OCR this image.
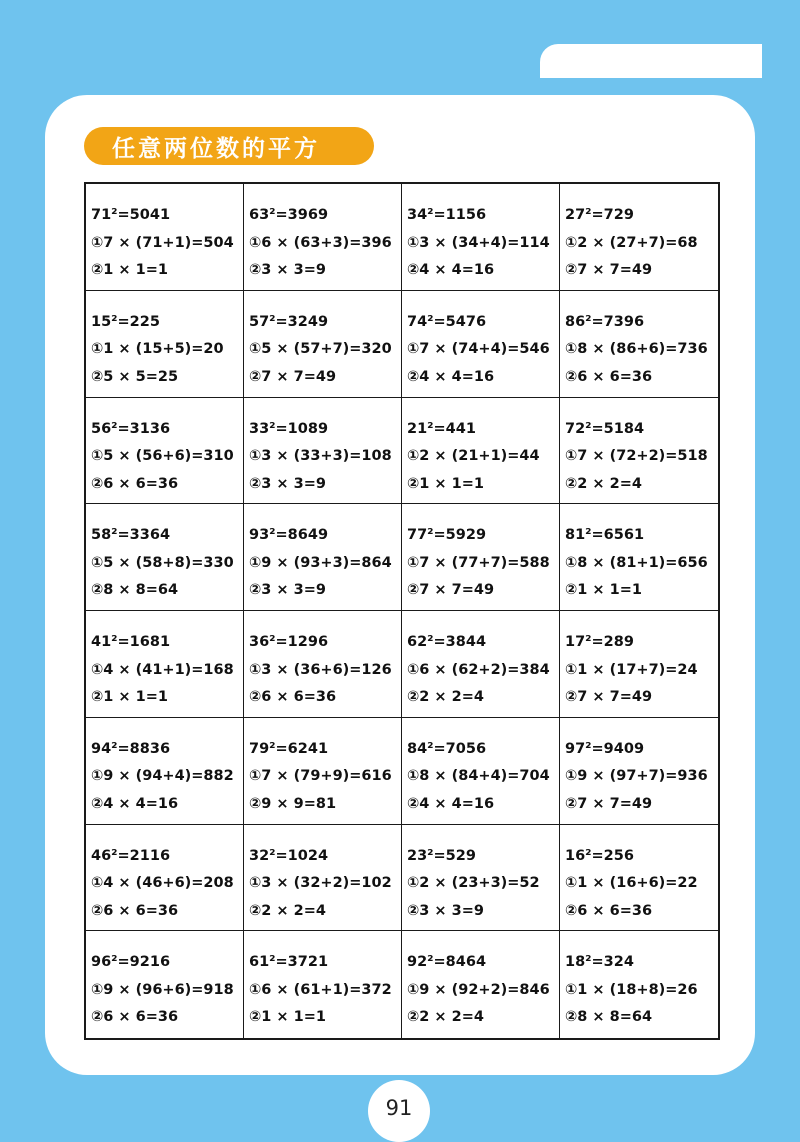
任意两位数的平方
71²=5041
①7 × (71+1)=504
②1 × 1=1
63²=3969
①6 × (63+3)=396
②3 × 3=9
34²=1156
①3 × (34+4)=114
②4 × 4=16
27²=729
①2 × (27+7)=68
②7 × 7=49
15²=225
①1 × (15+5)=20
②5 × 5=25
57²=3249
①5 × (57+7)=320
②7 × 7=49
74²=5476
①7 × (74+4)=546
②4 × 4=16
86²=7396
①8 × (86+6)=736
②6 × 6=36
56²=3136
①5 × (56+6)=310
②6 × 6=36
33²=1089
①3 × (33+3)=108
②3 × 3=9
21²=441
①2 × (21+1)=44
②1 × 1=1
72²=5184
①7 × (72+2)=518
②2 × 2=4
58²=3364
①5 × (58+8)=330
②8 × 8=64
93²=8649
①9 × (93+3)=864
②3 × 3=9
77²=5929
①7 × (77+7)=588
②7 × 7=49
81²=6561
①8 × (81+1)=656
②1 × 1=1
41²=1681
①4 × (41+1)=168
②1 × 1=1
36²=1296
①3 × (36+6)=126
②6 × 6=36
62²=3844
①6 × (62+2)=384
②2 × 2=4
17²=289
①1 × (17+7)=24
②7 × 7=49
94²=8836
①9 × (94+4)=882
②4 × 4=16
79²=6241
①7 × (79+9)=616
②9 × 9=81
84²=7056
①8 × (84+4)=704
②4 × 4=16
97²=9409
①9 × (97+7)=936
②7 × 7=49
46²=2116
①4 × (46+6)=208
②6 × 6=36
32²=1024
①3 × (32+2)=102
②2 × 2=4
23²=529
①2 × (23+3)=52
②3 × 3=9
16²=256
①1 × (16+6)=22
②6 × 6=36
96²=9216
①9 × (96+6)=918
②6 × 6=36
61²=3721
①6 × (61+1)=372
②1 × 1=1
92²=8464
①9 × (92+2)=846
②2 × 2=4
18²=324
①1 × (18+8)=26
②8 × 8=64
91
